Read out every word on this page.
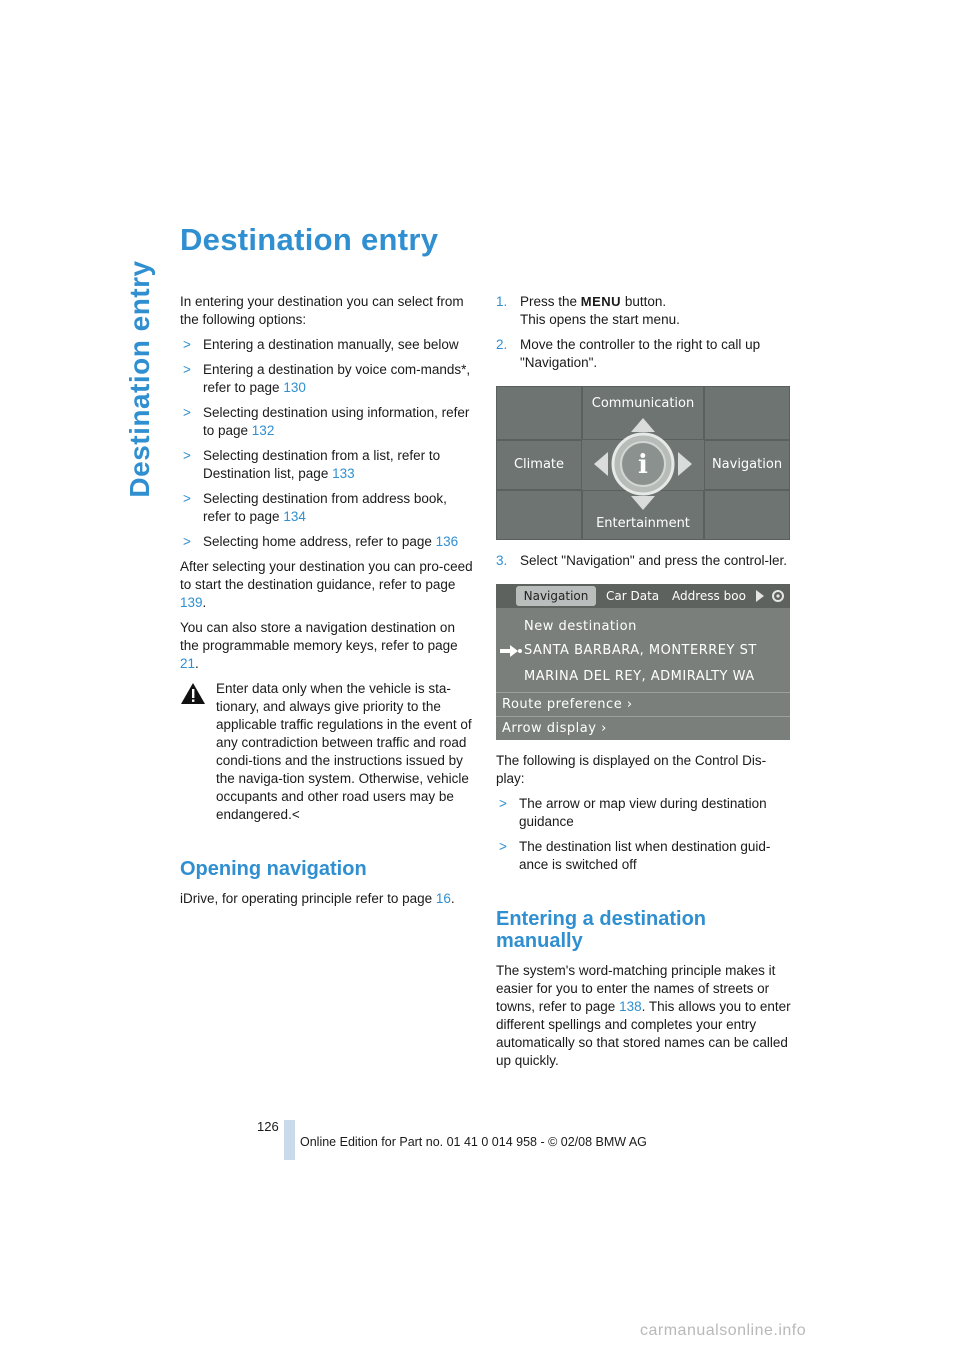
Destination entry
Destination entry

In entering your destination you can select from the following options:

> Entering a destination manually, see below
> Entering a destination by voice com-mands*, refer to page 130
> Selecting destination using information, refer to page 132
> Selecting destination from a list, refer to Destination list, page 133
> Selecting destination from address book, refer to page 134
> Selecting home address, refer to page 136

After selecting your destination you can pro-ceed to start the destination guidance, refer to page 139.

You can also store a navigation destination on the programmable memory keys, refer to page 21.

Enter data only when the vehicle is sta-tionary, and always give priority to the applicable traffic regulations in the event of any contradiction between traffic and road condi-tions and the instructions issued by the naviga-tion system. Otherwise, vehicle occupants and other road users may be endangered.<

Opening navigation

iDrive, for operating principle refer to page 16.

1. Press the MENU button.
This opens the start menu.
2. Move the controller to the right to call up "Navigation".
Communication
Climate	Navigation
Entertainment
i
3. Select "Navigation" and press the control-ler.
Navigation Car Data Address boo
New destination
SANTA BARBARA, MONTERREY ST
MARINA DEL REY, ADMIRALTY WA
Route preference ›
Arrow display ›

The following is displayed on the Control Dis-play:

> The arrow or map view during destination guidance
> The destination list when destination guid-ance is switched off
Entering a destination manually

The system's word-matching principle makes it easier for you to enter the names of streets or towns, refer to page 138. This allows you to enter different spellings and completes your entry automatically so that stored names can be called up quickly.

126
Online Edition for Part no. 01 41 0 014 958 - © 02/08 BMW AG
carmanualsonline.info
